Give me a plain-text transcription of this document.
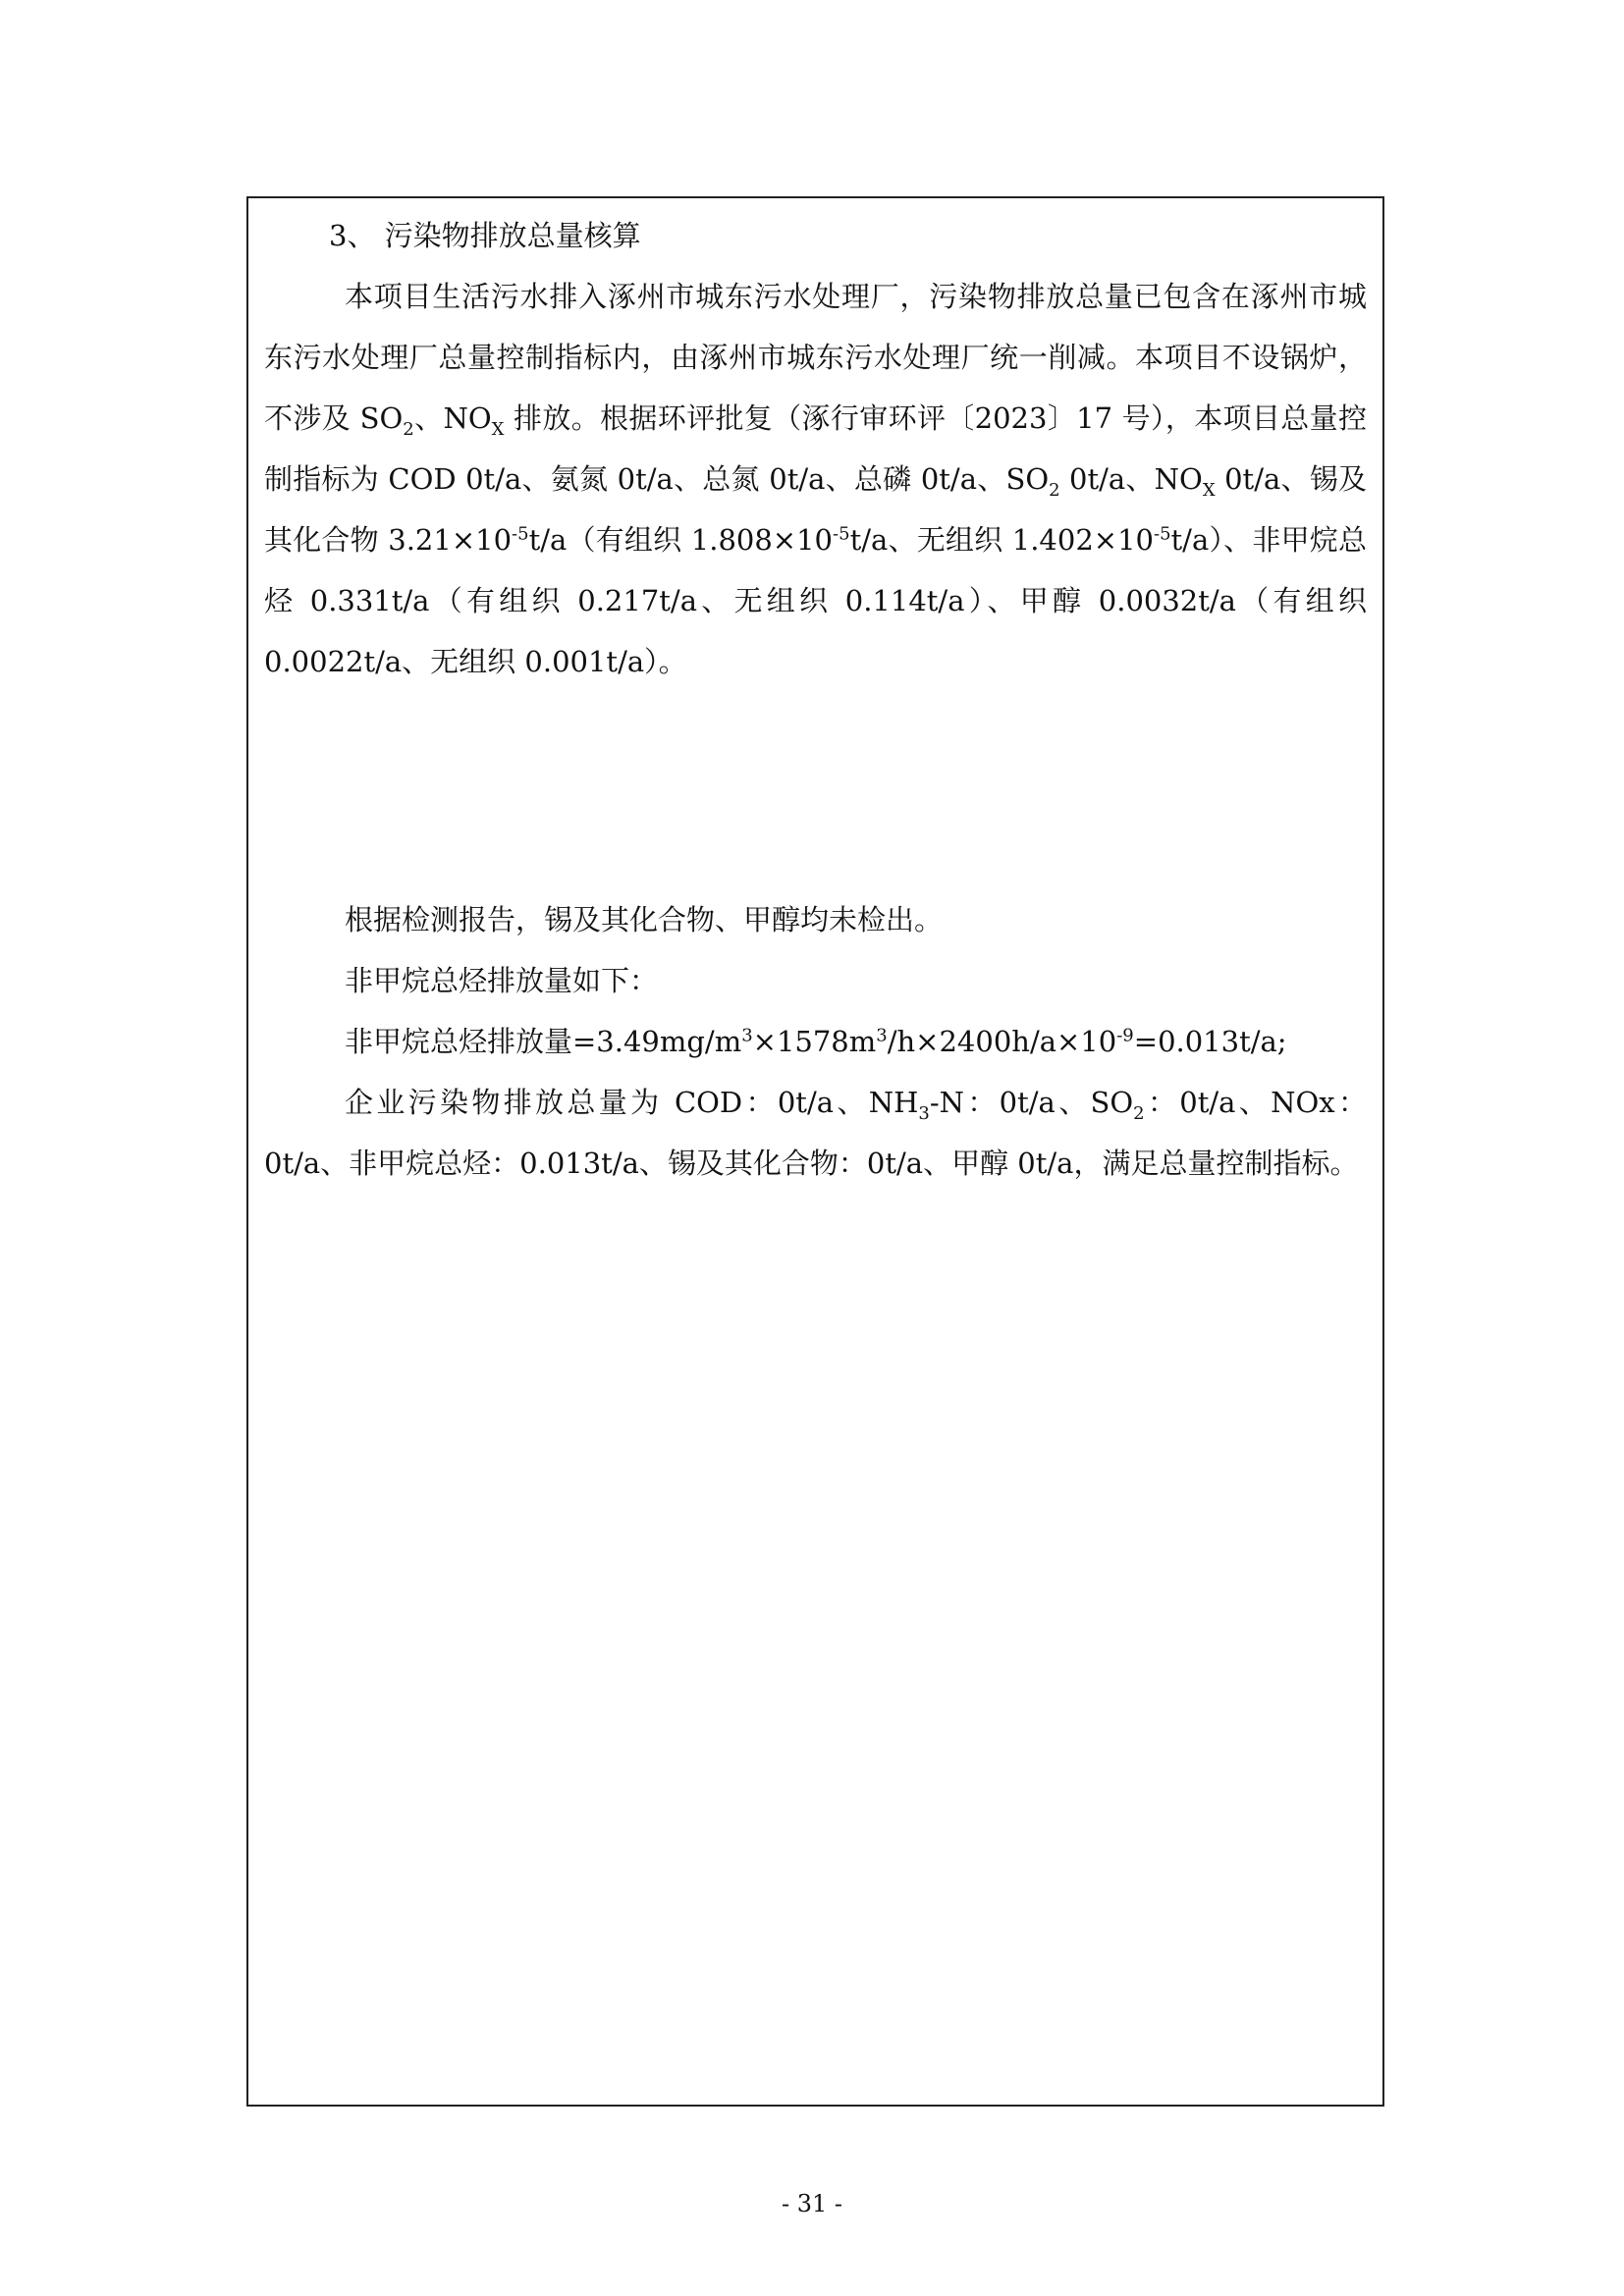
3、 污染物排放总量核算

本项目生活污水排入涿州市城东污水处理厂，污染物排放总量已包含在涿州市城东污水处理厂总量控制指标内，由涿州市城东污水处理厂统一削减。本项目不设锅炉，不涉及 $SO_2$、$NO_X$ 排放。根据环评批复（涿行审环评〔2023〕17 号），本项目总量控制指标为 COD 0t/a、氨氮 0t/a、总氮 0t/a、总磷 0t/a、$SO_2$ 0t/a、$NO_X$ 0t/a、锡及其化合物 $3.21\times 10^{-5}t/a$（有组织 $1.808\times 10^{-5}t/a$、无组织 $1.402\times 10^{-5}t/a$）、非甲烷总烃 0.331t/a（有组织 0.217t/a、无组织 0.114t/a）、甲醇 0.0032t/a（有组织 0.0022t/a、无组织 0.001t/a）。

根据检测报告，锡及其化合物、甲醇均未检出。

非甲烷总烃排放量如下：

非甲烷总烃排放量$=3.49mg/m^3\times 1578m^3/h\times 2400h/a\times 10^{-9}=0.013t/a$;

企业污染物排放总量为 COD：0t/a、$NH_3-N$：0t/a、$SO_2$：0t/a、NOx：0t/a、非甲烷总烃：0.013t/a、锡及其化合物：0t/a、甲醇 0t/a，满足总量控制指标。

- 31 -
